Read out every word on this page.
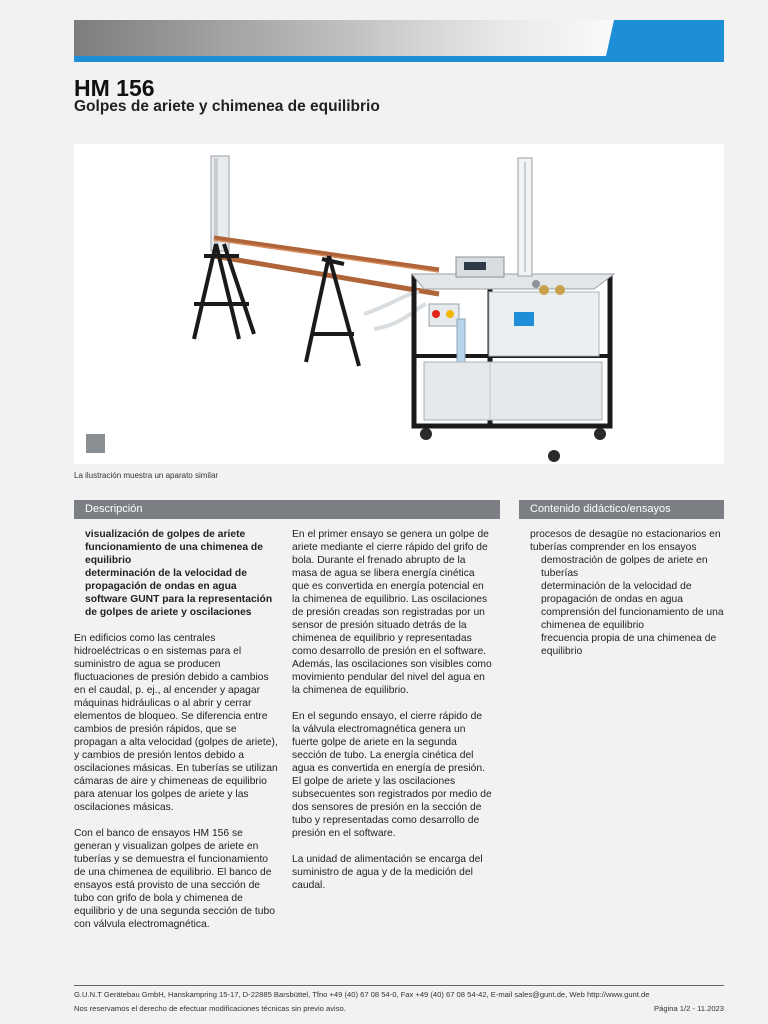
HM 156
Golpes de ariete y chimenea de equilibrio
La ilustración muestra un aparato similar
Descripción	Contenido didáctico/ensayos
visualización de golpes de ariete
funcionamiento de una chimenea de equilibrio
determinación de la velocidad de propagación de ondas en agua
software GUNT para la representación de golpes de ariete y oscilaciones

En edificios como las centrales hidroeléctricas o en sistemas para el suministro de agua se producen fluctuaciones de presión debido a cambios en el caudal, p. ej., al encender y apagar máquinas hidráulicas o al abrir y cerrar elementos de bloqueo. Se diferencia entre cambios de presión rápidos, que se propagan a alta velocidad (golpes de ariete), y cambios de presión lentos debido a oscilaciones másicas. En tuberías se utilizan cámaras de aire y chimeneas de equilibrio para atenuar los golpes de ariete y las oscilaciones másicas.

Con el banco de ensayos HM 156 se generan y visualizan golpes de ariete en tuberías y se demuestra el funcionamiento de una chimenea de equilibrio. El banco de ensayos está provisto de una sección de tubo con grifo de bola y chimenea de equilibrio y de una segunda sección de tubo con válvula electromagnética.

En el primer ensayo se genera un golpe de ariete mediante el cierre rápido del grifo de bola. Durante el frenado abrupto de la masa de agua se libera energía cinética que es convertida en energía potencial en la chimenea de equilibrio. Las oscilaciones de presión creadas son registradas por un sensor de presión situado detrás de la chimenea de equilibrio y representadas como desarrollo de presión en el software. Además, las oscilaciones son visibles como movimiento pendular del nivel del agua en la chimenea de equilibrio.

En el segundo ensayo, el cierre rápido de la válvula electromagnética genera un fuerte golpe de ariete en la segunda sección de tubo. La energía cinética del agua es convertida en energía de presión. El golpe de ariete y las oscilaciones subsecuentes son registrados por medio de dos sensores de presión en la sección de tubo y representadas como desarrollo de presión en el software.

La unidad de alimentación se encarga del suministro de agua y de la medición del caudal.

procesos de desagüe no estacionarios en tuberías comprender en los ensayos
demostración de golpes de ariete en tuberías
determinación de la velocidad de propagación de ondas en agua
comprensión del funcionamiento de una chimenea de equilibrio
frecuencia propia de una chimenea de equilibrio
G.U.N.T Gerätebau GmbH, Hanskampring 15-17, D-22885 Barsbüttel, Tfno +49 (40) 67 08 54-0, Fax +49 (40) 67 08 54-42, E-mail sales@gunt.de, Web http://www.gunt.de
Nos reservamos el derecho de efectuar modificaciones técnicas sin previo aviso.	Página 1/2 - 11.2023
